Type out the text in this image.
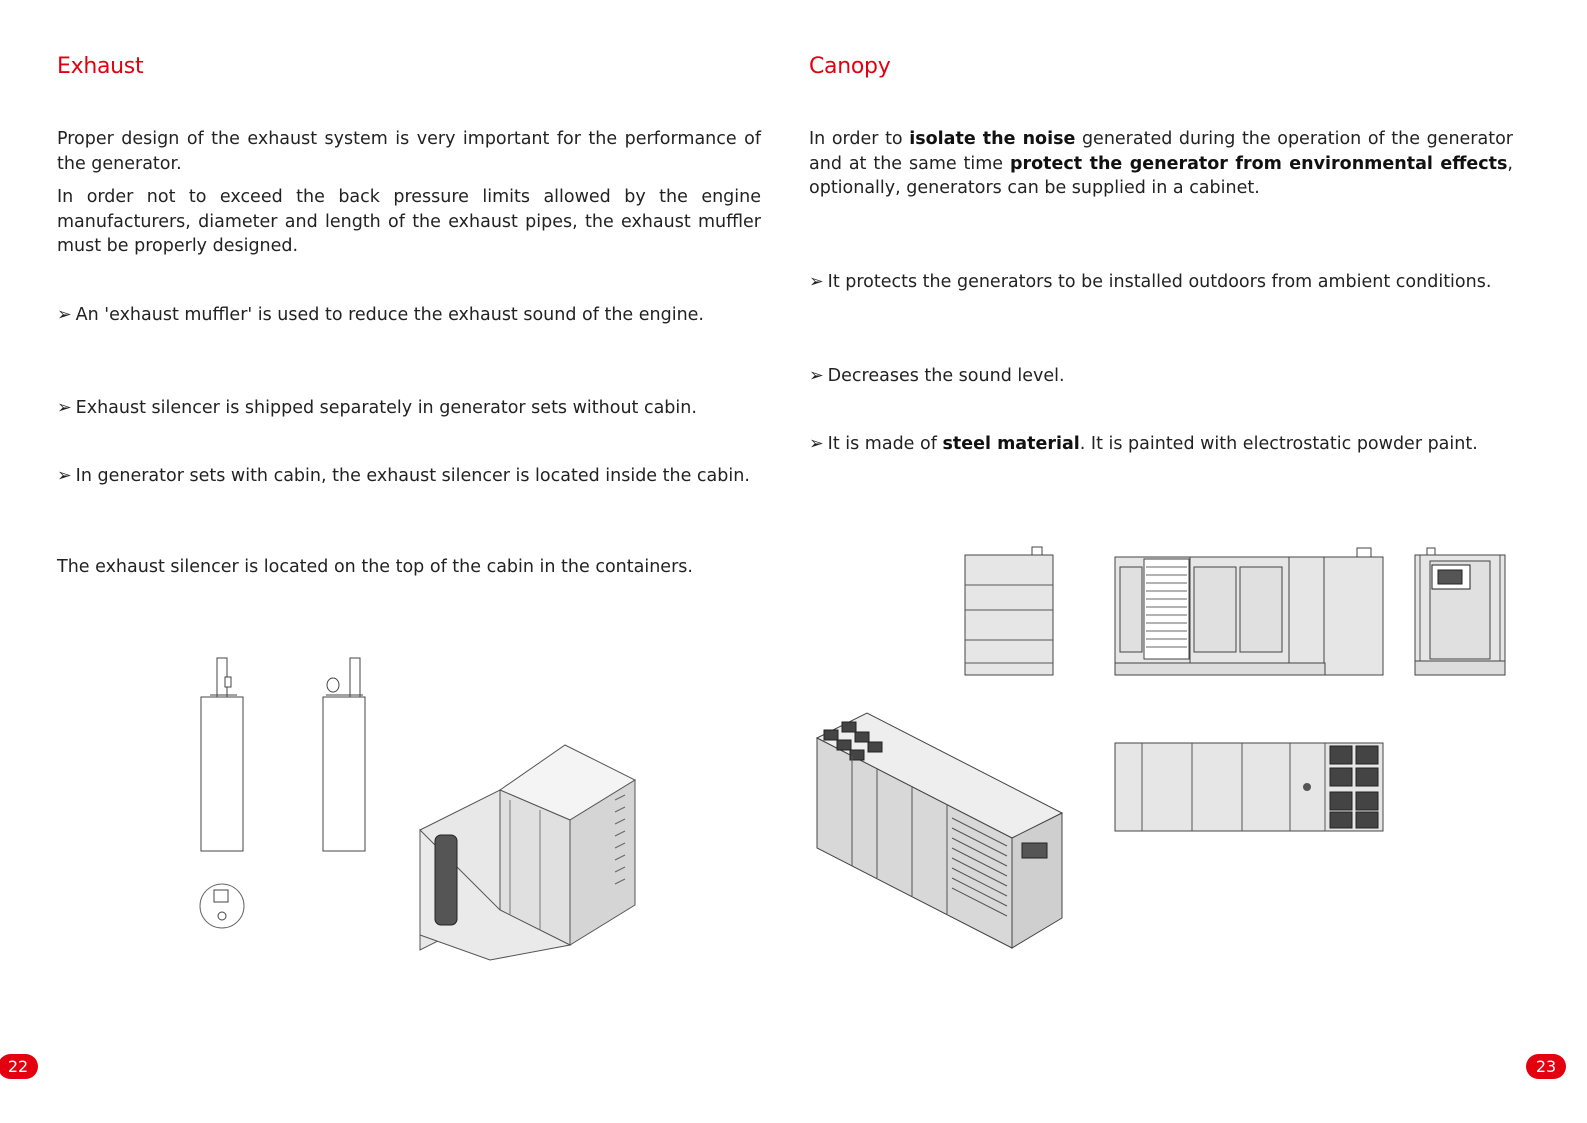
Exhaust

Proper design of the exhaust system is very important for the performance of the generator.

In order not to exceed the back pressure limits allowed by the engine manufacturers, diameter and length of the exhaust pipes, the exhaust muffler must be properly designed.

➢ An 'exhaust muffler' is used to reduce the exhaust sound of the engine.

➢ Exhaust silencer is shipped separately in generator sets without cabin.

➢ In generator sets with cabin, the exhaust silencer is located inside the cabin.

The exhaust silencer is located on the top of the cabin in the containers.

Canopy

In order to isolate the noise generated during the operation of the generator and at the same time protect the generator from environmental effects, optionally, generators can be supplied in a cabinet.

➢ It protects the generators to be installed outdoors from ambient conditions.

➢ Decreases the sound level.

➢ It is made of steel material. It is painted with electrostatic powder paint.

22	23
